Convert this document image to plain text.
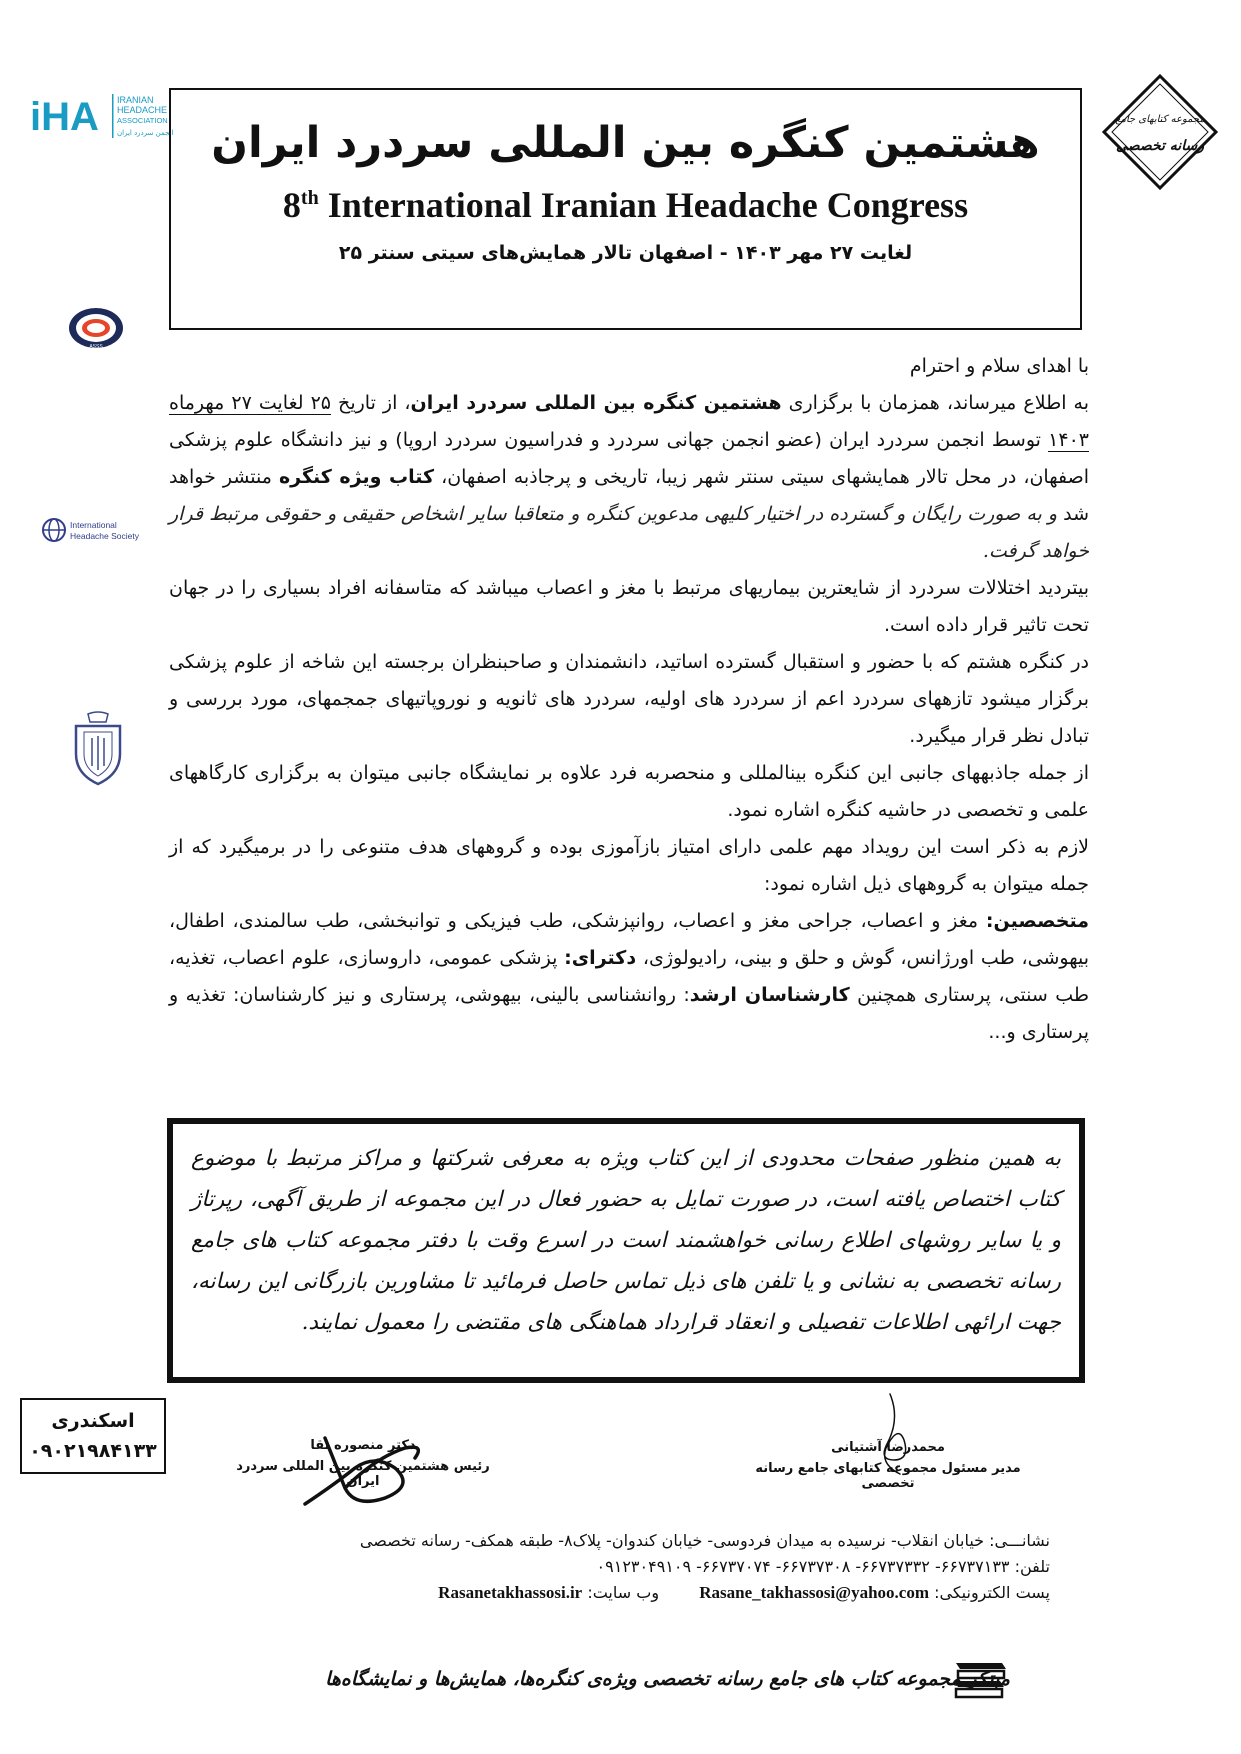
iHA IRANIAN
HEADACHE
ASSOCIATION
انجمن سردرد ایران
مجموعه کتابهای جامع
رسانه تخصصی
ASSS
International
Headache Society
هشتمین کنگره بین المللی سردرد ایران
8th International Iranian Headache Congress
۲۵ لغایت ۲۷ مهر ۱۴۰۳ - اصفهان تالار همایش‌های سیتی سنتر

با اهدای سلام و احترام

به اطلاع میرساند، همزمان با برگزاری هشتمین کنگره بین المللی سردرد ایران، از تاریخ ۲۵ لغایت ۲۷ مهرماه ۱۴۰۳ توسط انجمن سردرد ایران (عضو انجمن جهانی سردرد و فدراسیون سردرد اروپا) و نیز دانشگاه علوم پزشکی اصفهان، در محل تالار همایشهای سیتی سنتر شهر زیبا، تاریخی و پرجاذبه اصفهان، کتاب ویژه کنگره منتشر خواهد شد و به صورت رایگان و گسترده در اختیار کلیهی مدعوین کنگره و متعاقبا سایر اشخاص حقیقی و حقوقی مرتبط قرار خواهد گرفت.

بیتردید اختلالات سردرد از شایعترین بیماریهای مرتبط با مغز و اعصاب میباشد که متاسفانه افراد بسیاری را در جهان تحت تاثیر قرار داده است.

در کنگره هشتم که با حضور و استقبال گسترده اساتید، دانشمندان و صاحبنظران برجسته این شاخه از علوم پزشکی برگزار میشود تازههای سردرد اعم از سردرد های اولیه، سردرد های ثانویه و نوروپاتیهای جمجمهای، مورد بررسی و تبادل نظر قرار میگیرد.

از جمله جاذبههای جانبی این کنگره بینالمللی و منحصربه فرد علاوه بر نمایشگاه جانبی میتوان به برگزاری کارگاههای علمی و تخصصی در حاشیه کنگره اشاره نمود.

لازم به ذکر است این رویداد مهم علمی دارای امتیاز بازآموزی بوده و گروههای هدف متنوعی را در برمیگیرد که از جمله میتوان به گروههای ذیل اشاره نمود:

متخصصین: مغز و اعصاب، جراحی مغز و اعصاب، روانپزشکی، طب فیزیکی و توانبخشی، طب سالمندی، اطفال، بیهوشی، طب اورژانس، گوش و حلق و بینی، رادیولوژی، دکترای: پزشکی عمومی، داروسازی، علوم اعصاب، تغذیه، طب سنتی، پرستاری همچنین کارشناسان ارشد: روانشناسی بالینی، بیهوشی، پرستاری و نیز کارشناسان: تغذیه و پرستاری و...

به همین منظور صفحات محدودی از این کتاب ویژه به معرفی شرکتها و مراکز مرتبط با موضوع کتاب اختصاص یافته است، در صورت تمایل به حضور فعال در این مجموعه از طریق آگهی، رپرتاژ و یا سایر روشهای اطلاع رسانی خواهشمند است در اسرع وقت با دفتر مجموعه کتاب های جامع رسانه تخصصی به نشانی و یا تلفن های ذیل تماس حاصل فرمائید تا مشاورین بازرگانی این رسانه، جهت ارائهی اطلاعات تفصیلی و انعقاد قرارداد هماهنگی های مقتضی را معمول نمایند.
اسکندری
۰۹۰۲۱۹۸۴۱۳۳	دکتر منصوره تقا
رئیس هشتمین کنگره بین المللی سردرد ایران
محمدرضا آشتیانی
مدیر مسئول مجموعه کتابهای جامع رسانه تخصصی
نشانـــی: خیابان انقلاب- نرسیده به میدان فردوسی- خیابان کندوان- پلاک۸- طبقه همکف- رسانه تخصصی
تلفن: ۶۶۷۳۷۱۳۳- ۶۶۷۳۷۳۳۲- ۶۶۷۳۷۳۰۸- ۶۶۷۳۷۰۷۴- ۰۹۱۲۳۰۴۹۱۰۹
پست الکترونیکی: Rasane_takhassosi@yahoo.com  وب سایت: Rasanetakhassosi.ir
مبتکر مجموعه کتاب های جامع رسانه تخصصی ویژه‌ی کنگره‌ها، همایش‌ها و نمایشگاه‌ها
